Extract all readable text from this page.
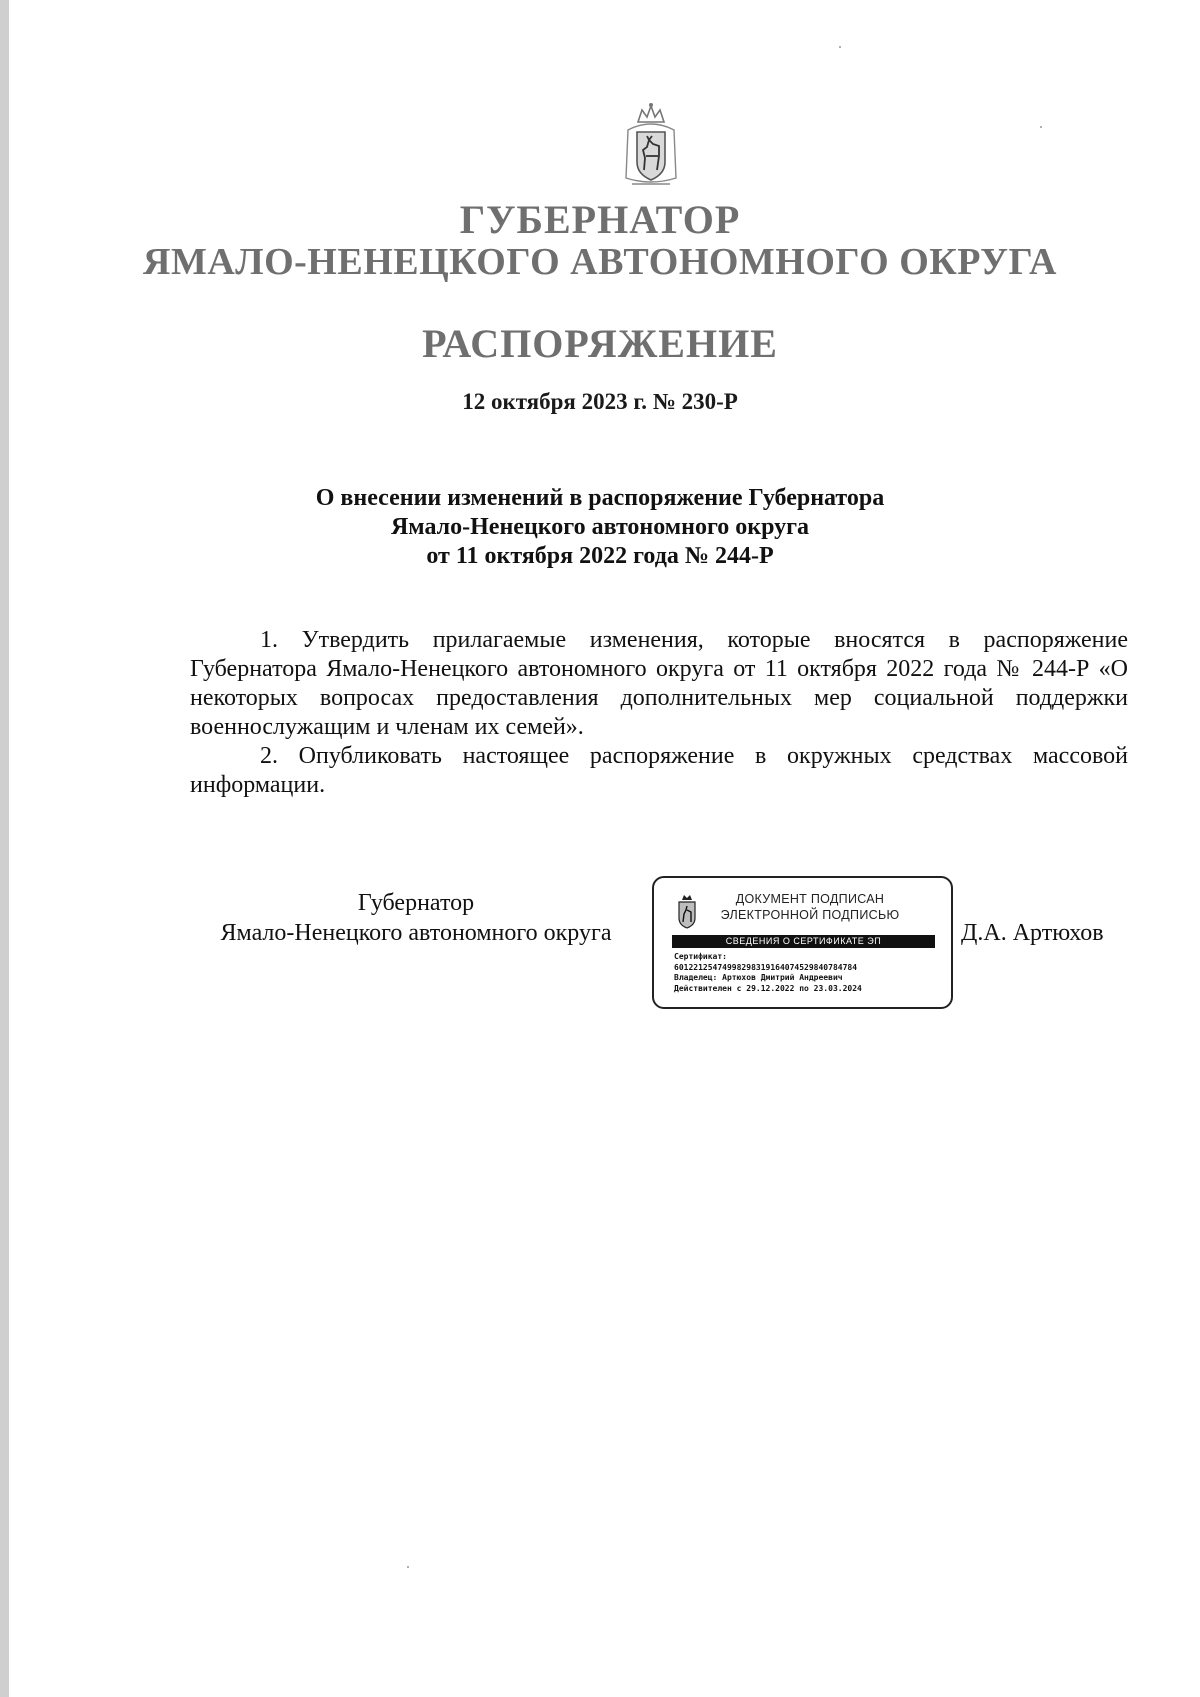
ГУБЕРНАТОР
ЯМАЛО-НЕНЕЦКОГО АВТОНОМНОГО ОКРУГА
РАСПОРЯЖЕНИЕ
12 октября 2023 г. № 230-Р
О внесении изменений в распоряжение Губернатора
Ямало-Ненецкого автономного округа
от 11 октября 2022 года № 244-Р

1. Утвердить прилагаемые изменения, которые вносятся в распоряжение Губернатора Ямало-Ненецкого автономного округа от 11 октября 2022 года № 244-Р «О некоторых вопросах предоставления дополнительных мер социальной поддержки военнослужащим и членам их семей».

2. Опубликовать настоящее распоряжение в окружных средствах массовой информации.

Губернатор
Ямало-Ненецкого автономного округа
ДОКУМЕНТ ПОДПИСАН
ЭЛЕКТРОННОЙ ПОДПИСЬЮ
СВЕДЕНИЯ О СЕРТИФИКАТЕ ЭП
Сертификат:
60122125474998298319164074529840784784
Владелец: Артюхов Дмитрий Андреевич
Действителен с 29.12.2022 по 23.03.2024
Д.А. Артюхов
